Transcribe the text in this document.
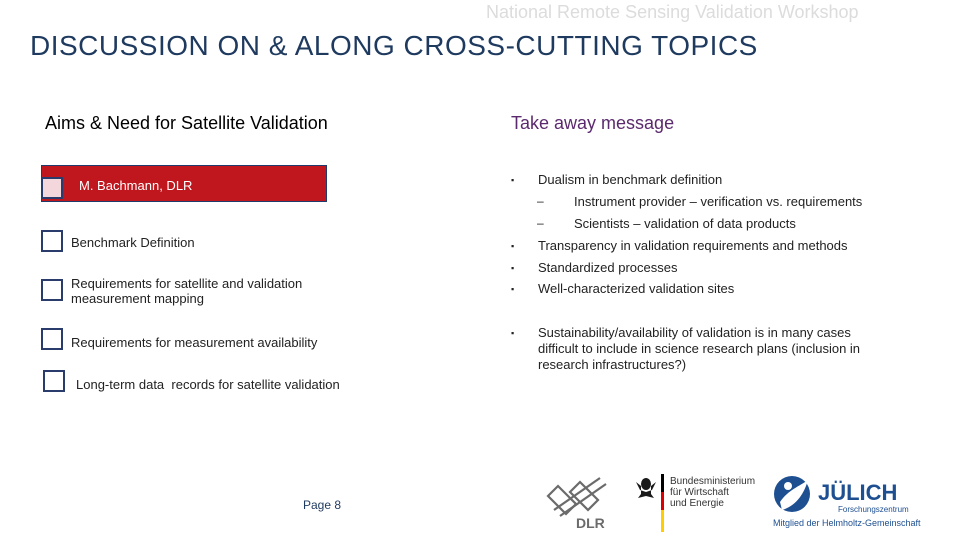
National Remote Sensing Validation Workshop
DISCUSSION ON & ALONG CROSS-CUTTING TOPICS
Aims & Need for Satellite Validation
M. Bachmann, DLR
Benchmark Definition
Requirements for satellite and validation measurement mapping
Requirements for measurement availability
Long-term data  records for satellite validation
Take away message
▪ Dualism in benchmark definition
– Instrument provider – verification vs. requirements
– Scientists – validation of data products
▪ Transparency in validation requirements and methods
▪ Standardized processes
▪ Well-characterized validation sites
▪ Sustainability/availability of validation is in many cases difficult to include in science research plans (inclusion in research infrastructures?)
Page 8
DLR
Bundesministerium
für Wirtschaft
und Energie	JÜLICH
Forschungszentrum
Mitglied der Helmholtz-Gemeinschaft
